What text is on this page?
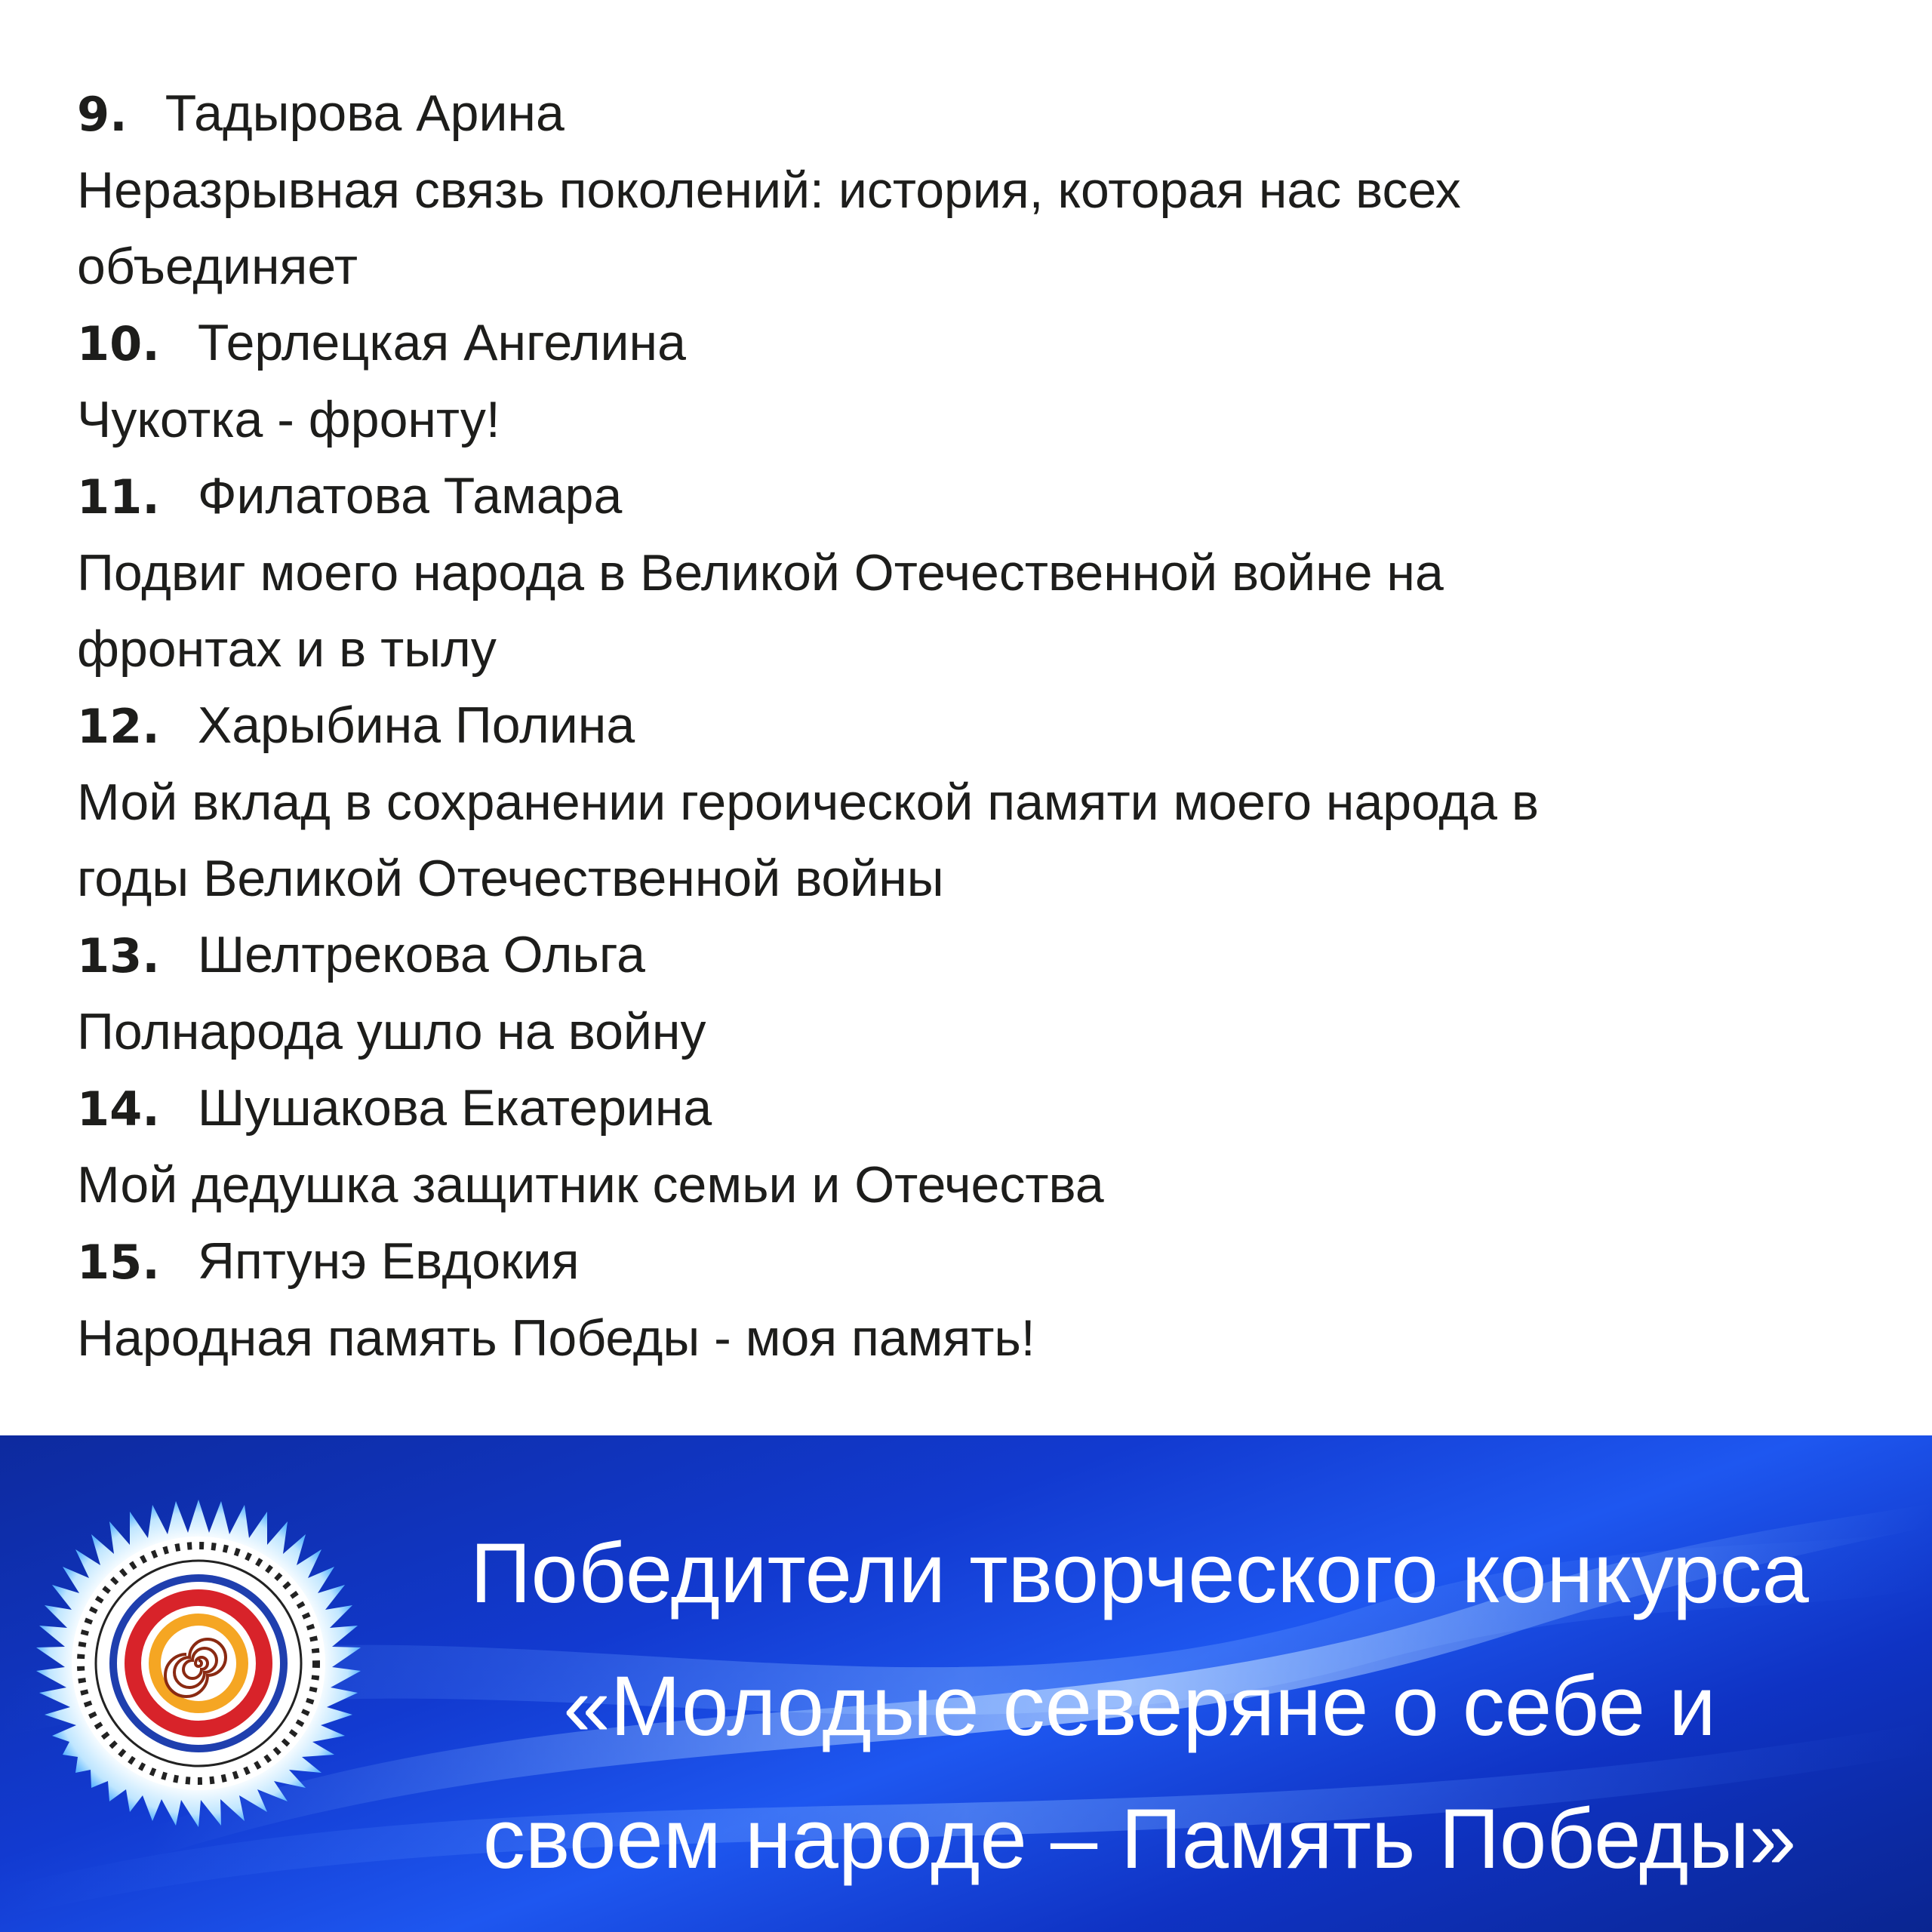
9. Тадырова Арина

Неразрывная связь поколений: история, которая нас всех

объединяет

10. Терлецкая Ангелина

Чукотка - фронту!

11. Филатова Тамара

Подвиг моего народа в Великой Отечественной войне на

фронтах и в тылу

12. Харыбина Полина

Мой вклад в сохранении героической памяти моего народа в

годы Великой Отечественной войны

13. Шелтрекова Ольга

Полнарода ушло на войну

14. Шушакова Екатерина

Мой дедушка защитник семьи и Отечества

15. Яптунэ Евдокия

Народная память Победы - моя память!

Победители творческого конкурса
«Молодые северяне о себе и
своем народе – Память Победы»
